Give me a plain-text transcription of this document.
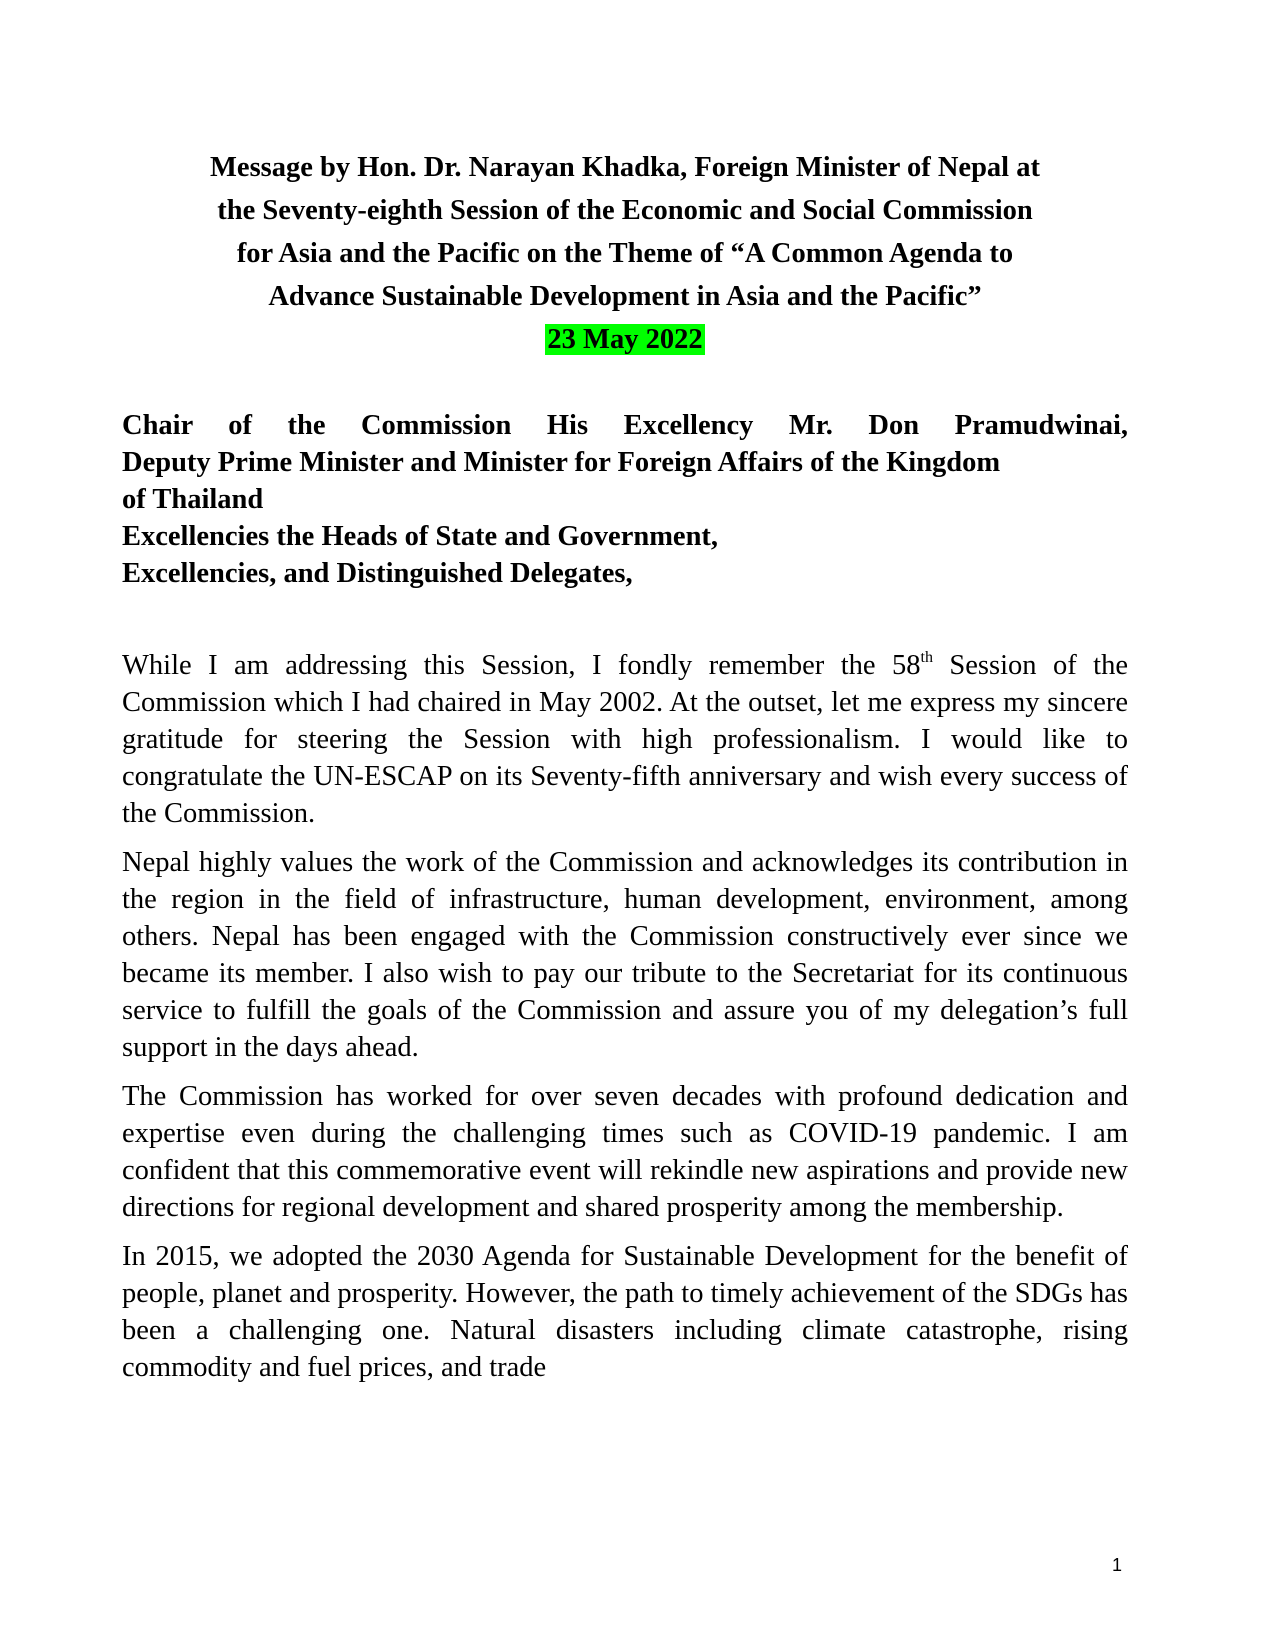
Message by Hon. Dr. Narayan Khadka, Foreign Minister of Nepal at
the Seventy-eighth Session of the Economic and Social Commission
for Asia and the Pacific on the Theme of “A Common Agenda to
Advance Sustainable Development in Asia and the Pacific”
23 May 2022
Chair of the Commission His Excellency Mr. Don Pramudwinai,
Deputy Prime Minister and Minister for Foreign Affairs of the Kingdom
of Thailand
Excellencies the Heads of State and Government,
Excellencies, and Distinguished Delegates,

While I am addressing this Session, I fondly remember the 58th Session of the Commission which I had chaired in May 2002. At the outset, let me express my sincere gratitude for steering the Session with high professionalism. I would like to congratulate the UN-ESCAP on its Seventy-fifth anniversary and wish every success of the Commission.

Nepal highly values the work of the Commission and acknowledges its contribution in the region in the field of infrastructure, human development, environment, among others. Nepal has been engaged with the Commission constructively ever since we became its member. I also wish to pay our tribute to the Secretariat for its continuous service to fulfill the goals of the Commission and assure you of my delegation’s full support in the days ahead.

The Commission has worked for over seven decades with profound dedication and expertise even during the challenging times such as COVID-19 pandemic. I am confident that this commemorative event will rekindle new aspirations and provide new directions for regional development and shared prosperity among the membership.

In 2015, we adopted the 2030 Agenda for Sustainable Development for the benefit of people, planet and prosperity. However, the path to timely achievement of the SDGs has been a challenging one. Natural disasters including climate catastrophe, rising commodity and fuel prices, and trade

1
